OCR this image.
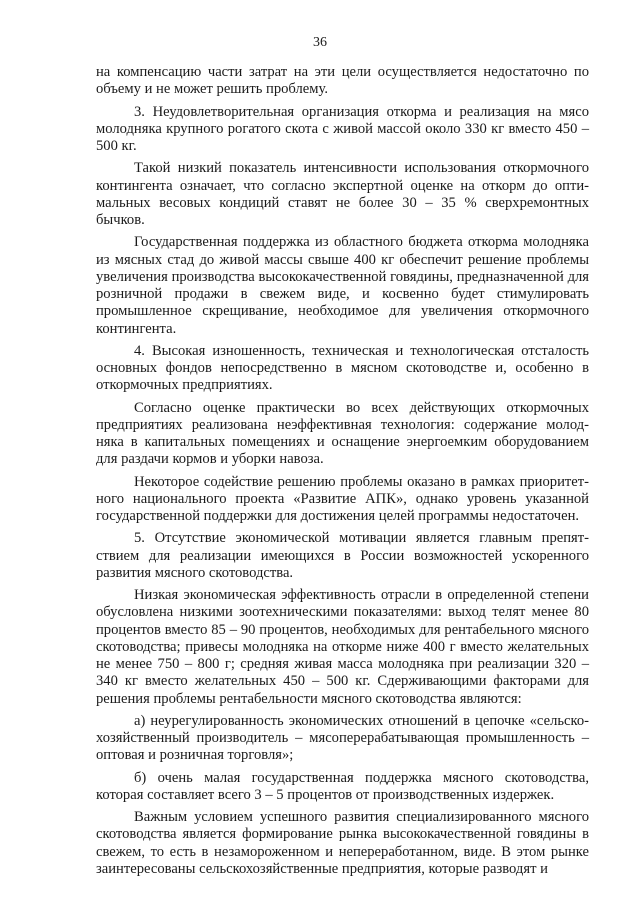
36

на компенсацию части затрат на эти цели осуществляется недостаточно по объему и не может решить проблему.

3. Неудовлетворительная организация откорма и реализация на мясо молодняка крупного рогатого скота с живой массой около 330 кг вместо 450 – 500 кг.

Такой низкий показатель интенсивности использования откормочного контингента означает, что согласно экспертной оценке на откорм до опти-мальных весовых кондиций ставят не более 30 – 35 % сверхремонтных бычков.

Государственная поддержка из областного бюджета откорма молодняка из мясных стад до живой массы свыше 400 кг обеспечит решение проблемы увеличения производства высококачественной говядины, предназначенной для розничной продажи в свежем виде, и косвенно будет стимулировать промышленное скрещивание, необходимое для увеличения откормочного контингента.

4. Высокая изношенность, техническая и технологическая отсталость основных фондов непосредственно в мясном скотоводстве и, особенно в откормочных предприятиях.

Согласно оценке практически во всех действующих откормочных предприятиях реализована неэффективная технология: содержание молод-няка в капитальных помещениях и оснащение энергоемким оборудованием для раздачи кормов и уборки навоза.

Некоторое содействие решению проблемы оказано в рамках приоритет-ного национального проекта «Развитие АПК», однако уровень указанной государственной поддержки для достижения целей программы недостаточен.

5. Отсутствие экономической мотивации является главным препят-ствием для реализации имеющихся в России возможностей ускоренного развития мясного скотоводства.

Низкая экономическая эффективность отрасли в определенной степени обусловлена низкими зоотехническими показателями: выход телят менее 80 процентов вместо 85 – 90 процентов, необходимых для рентабельного мясного скотоводства; привесы молодняка на откорме ниже 400 г вместо желательных не менее 750 – 800 г; средняя живая масса молодняка при реализации 320 – 340 кг вместо желательных 450 – 500 кг. Сдерживающими факторами для решения проблемы рентабельности мясного скотоводства являются:

а) неурегулированность экономических отношений в цепочке «сельско-хозяйственный производитель – мясоперерабатывающая промышленность – оптовая и розничная торговля»;

б) очень малая государственная поддержка мясного скотоводства, которая составляет всего 3 – 5 процентов от производственных издержек.

Важным условием успешного развития специализированного мясного скотоводства является формирование рынка высококачественной говядины в свежем, то есть в незамороженном и непереработанном, виде. В этом рынке заинтересованы сельскохозяйственные предприятия, которые разводят и
